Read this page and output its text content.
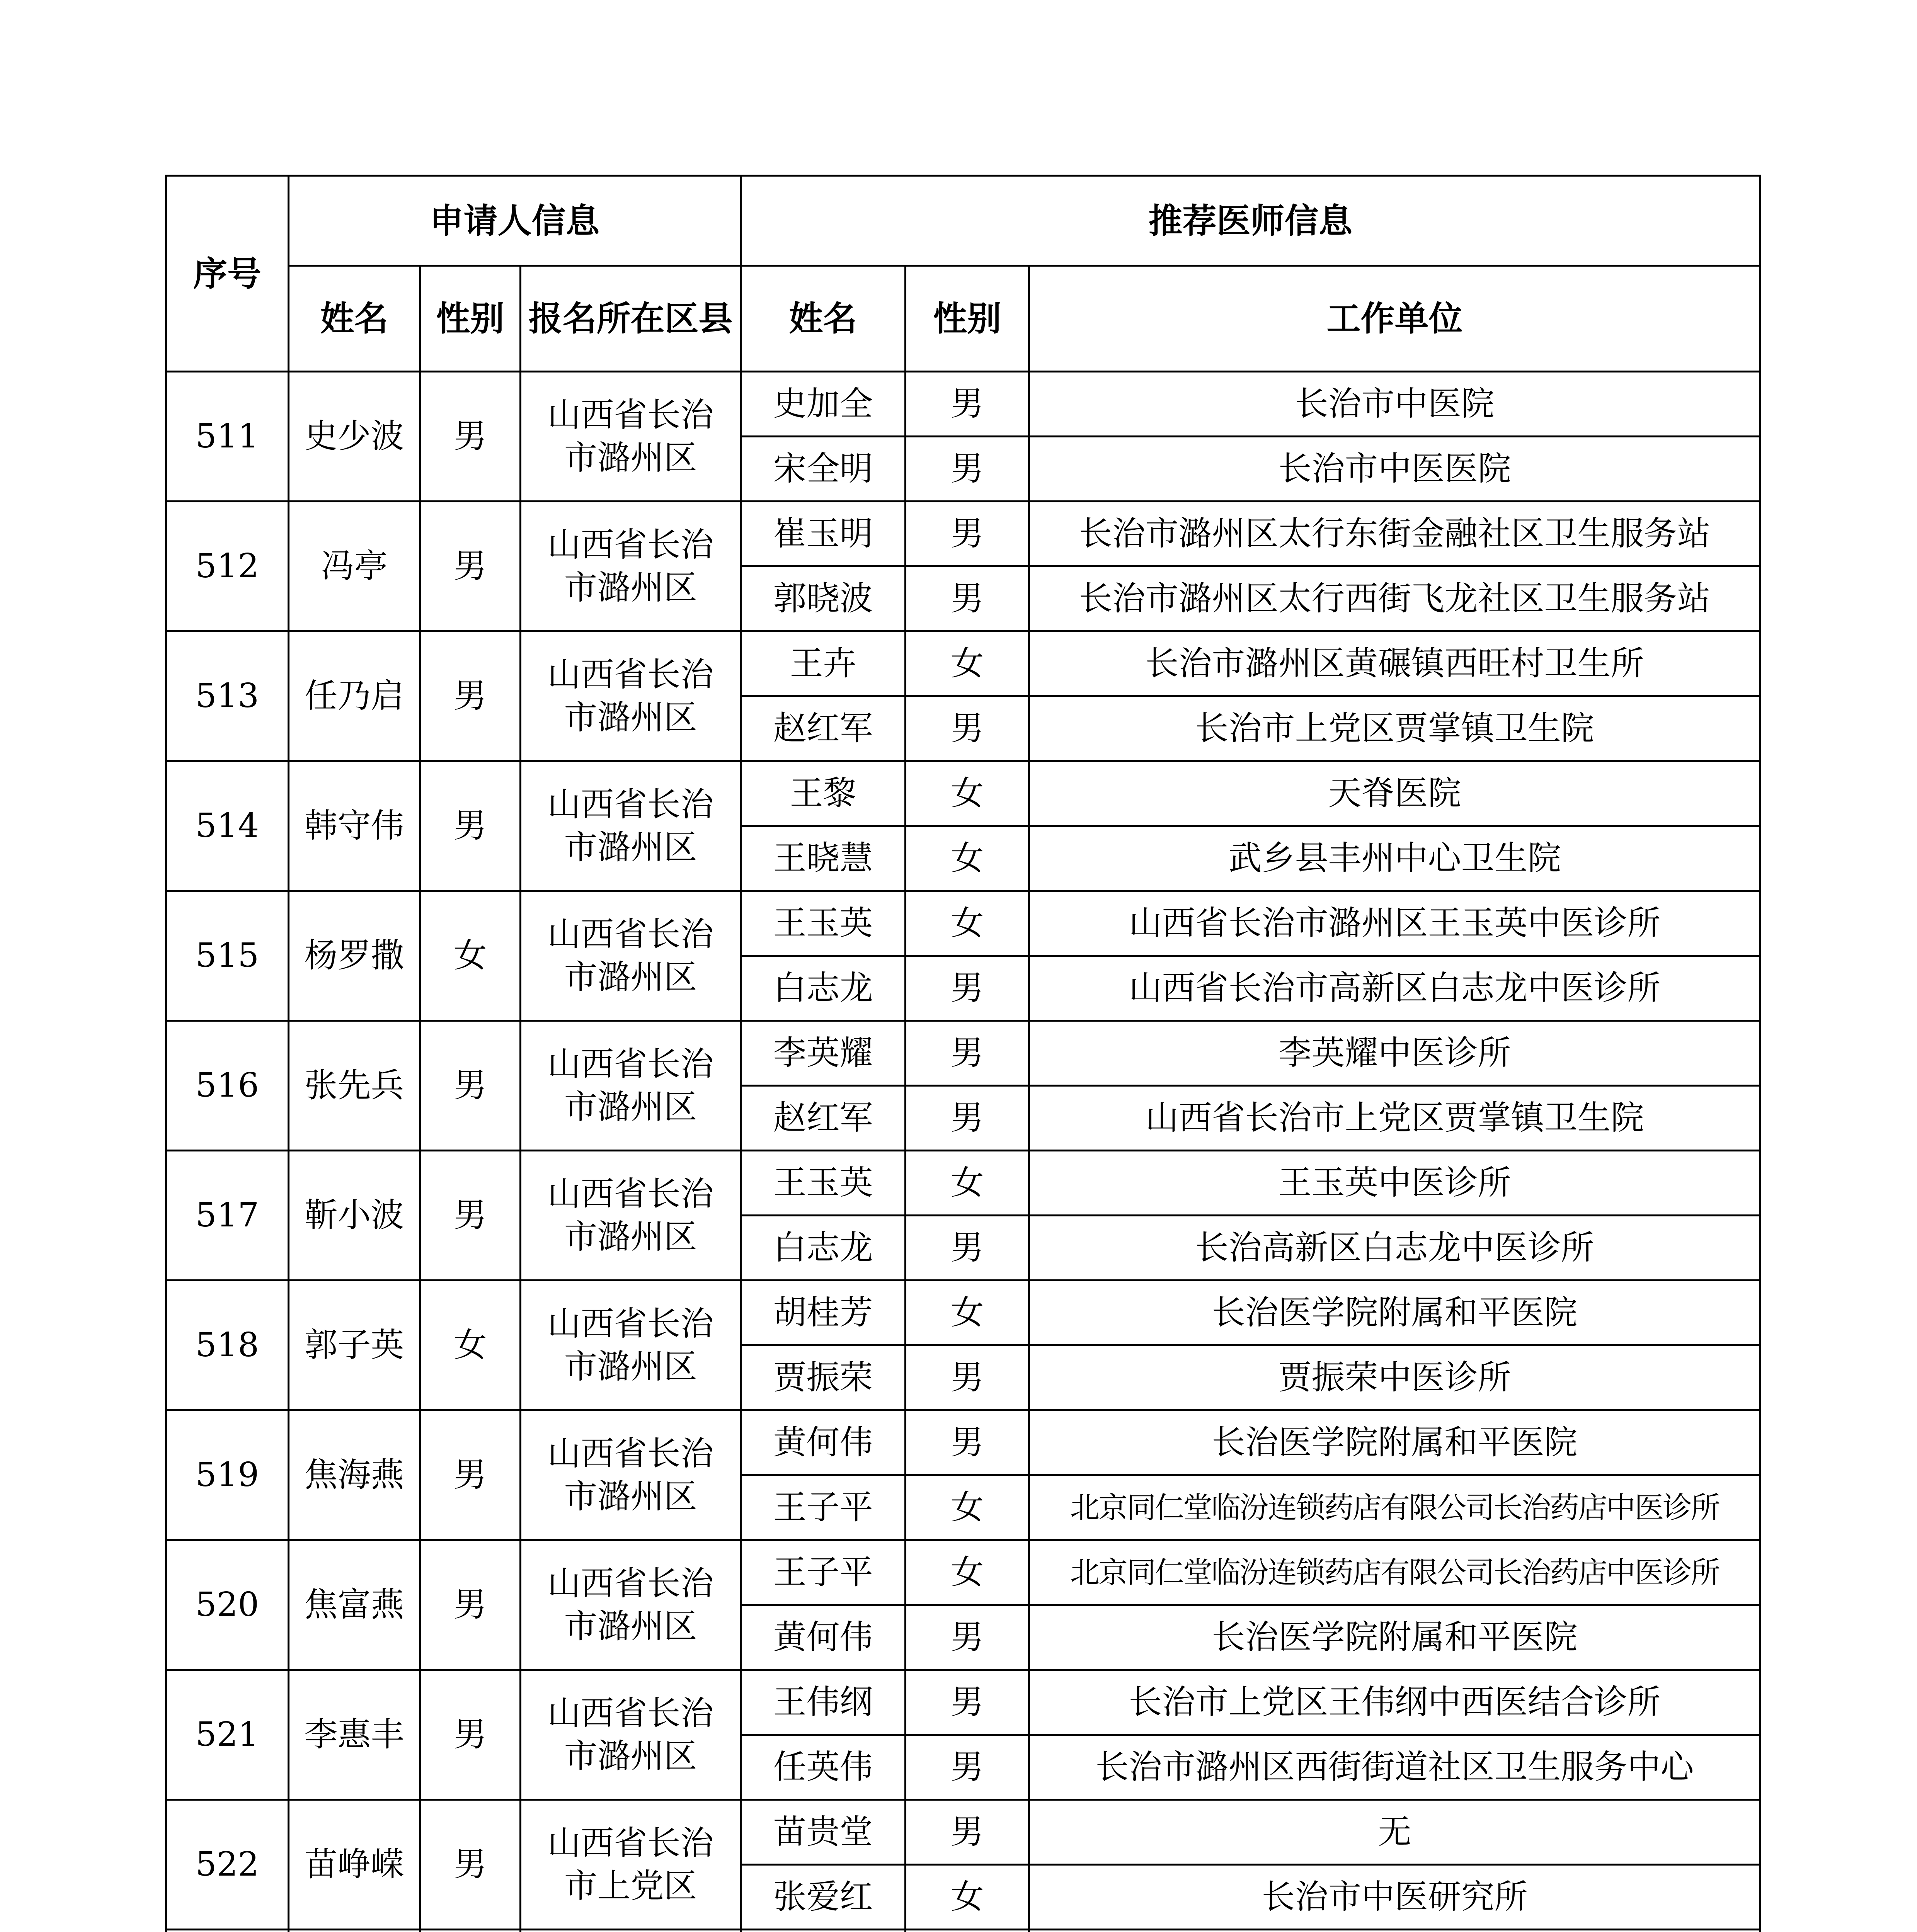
序号	申请人信息			推荐医师信息		
	姓名	性别	报名所在区县	姓名	性别	工作单位
511	史少波	男	山西省长治市潞州区	史加全	男	长治市中医院
				宋全明	男	长治市中医医院
512	冯亭	男	山西省长治市潞州区	崔玉明	男	长治市潞州区太行东街金融社区卫生服务站
				郭晓波	男	长治市潞州区太行西街飞龙社区卫生服务站
513	任乃启	男	山西省长治市潞州区	王卉	女	长治市潞州区黄碾镇西旺村卫生所
				赵红军	男	长治市上党区贾掌镇卫生院
514	韩守伟	男	山西省长治市潞州区	王黎	女	天脊医院
				王晓慧	女	武乡县丰州中心卫生院
515	杨罗撒	女	山西省长治市潞州区	王玉英	女	山西省长治市潞州区王玉英中医诊所
				白志龙	男	山西省长治市高新区白志龙中医诊所
516	张先兵	男	山西省长治市潞州区	李英耀	男	李英耀中医诊所
				赵红军	男	山西省长治市上党区贾掌镇卫生院
517	靳小波	男	山西省长治市潞州区	王玉英	女	王玉英中医诊所
				白志龙	男	长治高新区白志龙中医诊所
518	郭子英	女	山西省长治市潞州区	胡桂芳	女	长治医学院附属和平医院
				贾振荣	男	贾振荣中医诊所
519	焦海燕	男	山西省长治市潞州区	黄何伟	男	长治医学院附属和平医院
				王子平	女	北京同仁堂临汾连锁药店有限公司长治药店中医诊所
520	焦富燕	男	山西省长治市潞州区	王子平	女	北京同仁堂临汾连锁药店有限公司长治药店中医诊所
				黄何伟	男	长治医学院附属和平医院
521	李惠丰	男	山西省长治市潞州区	王伟纲	男	长治市上党区王伟纲中西医结合诊所
				任英伟	男	长治市潞州区西街街道社区卫生服务中心
522	苗峥嵘	男	山西省长治市上党区	苗贵堂	男	无
				张爱红	女	长治市中医研究所
